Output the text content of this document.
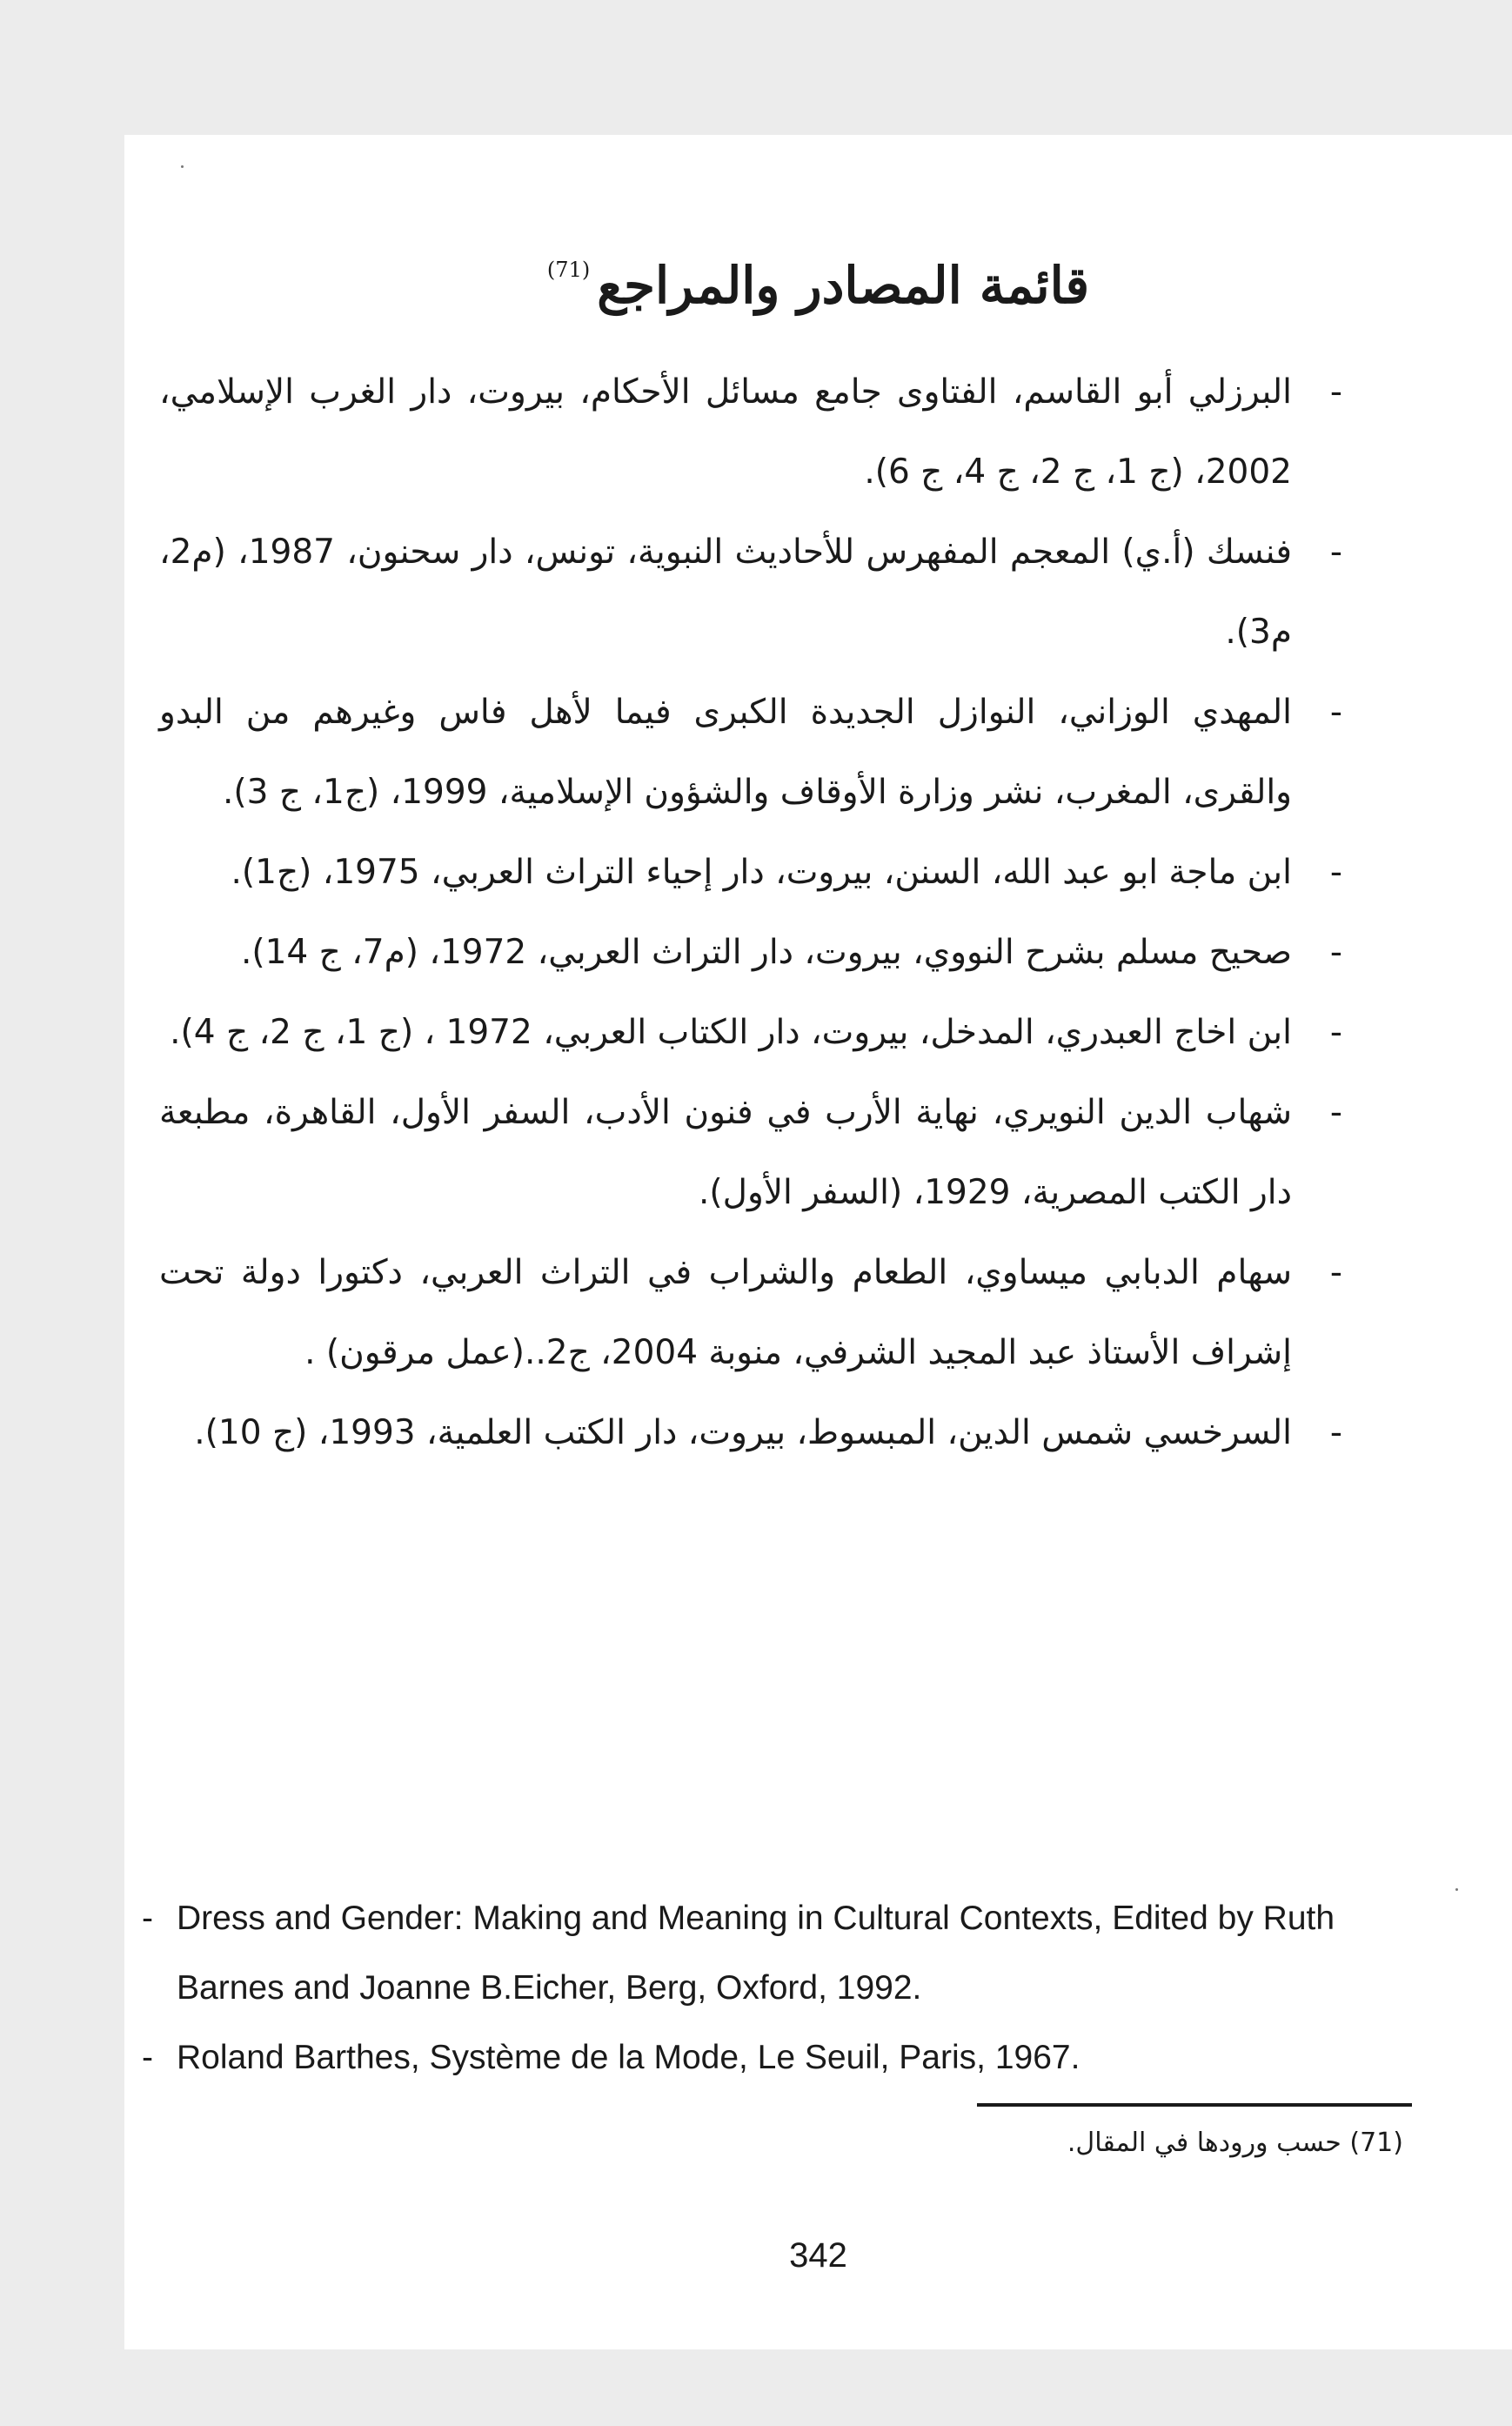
قائمة المصادر والمراجع$^{(71)}$
-البرزلي أبو القاسم، الفتاوى جامع مسائل الأحكام، بيروت، دار الغرب الإسلامي، 2002، (ج 1، ج 2، ج 4، ج 6).
-فنسك (أ.ي) المعجم المفهرس للأحاديث النبوية، تونس، دار سحنون، 1987، (م2، م3).
-المهدي الوزاني، النوازل الجديدة الكبرى فيما لأهل فاس وغيرهم من البدو والقرى، المغرب، نشر وزارة الأوقاف والشؤون الإسلامية، 1999، (ج1، ج 3).
-ابن ماجة ابو عبد الله، السنن، بيروت، دار إحياء التراث العربي، 1975، (ج1).
-صحيح مسلم بشرح النووي، بيروت، دار التراث العربي، 1972، (م7، ج 14).
-ابن اخاج العبدري، المدخل، بيروت، دار الكتاب العربي، 1972 ، (ج 1، ج 2، ج 4).
-شهاب الدين النويري، نهاية الأرب في فنون الأدب، السفر الأول، القاهرة، مطبعة دار الكتب المصرية، 1929، (السفر الأول).
-سهام الدبابي ميساوي، الطعام والشراب في التراث العربي، دكتورا دولة تحت إشراف الأستاذ عبد المجيد الشرفي، منوبة 2004، ج2..(عمل مرقون) .
-السرخسي شمس الدين، المبسوط، بيروت، دار الكتب العلمية، 1993، (ج 10).
- Dress and Gender: Making and Meaning in Cultural Contexts, Edited by Ruth Barnes and Joanne B.Eicher, Berg, Oxford, 1992.
- Roland Barthes, Système de la Mode, Le Seuil, Paris, 1967.
(71) حسب ورودها في المقال.
342
